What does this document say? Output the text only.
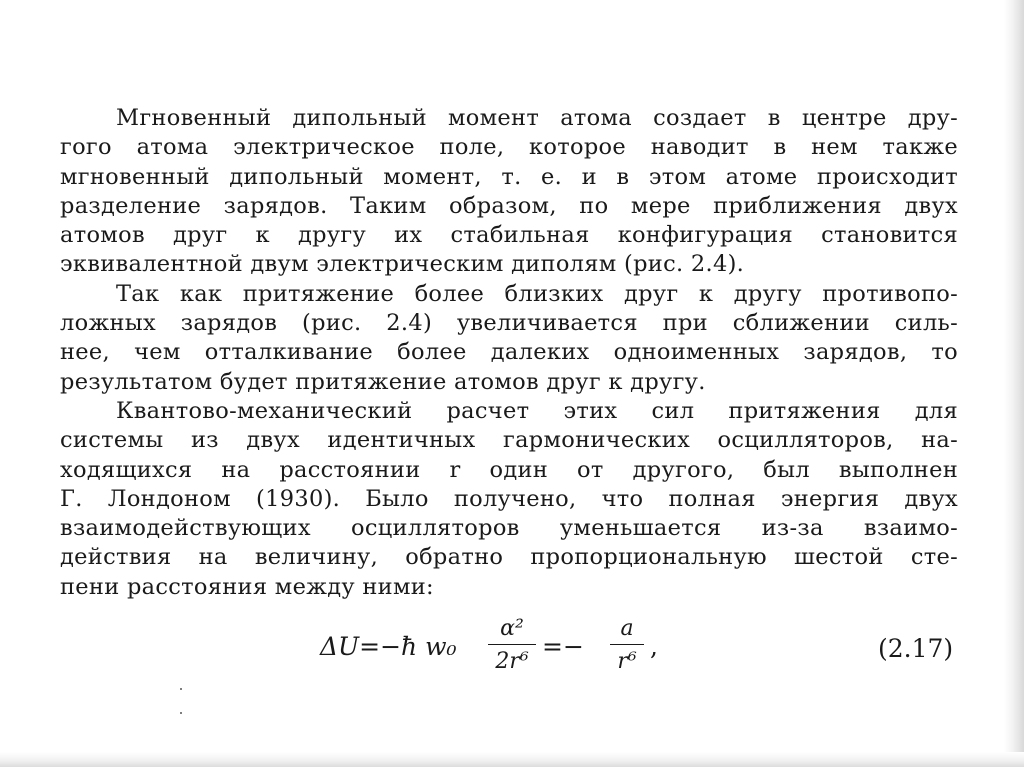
Мгновенный дипольный момент атома создает в центре дру-
гого атома электрическое поле, которое наводит в нем также
мгновенный дипольный момент, т. е. и в этом атоме происходит
разделение зарядов. Таким образом, по мере приближения двух
атомов друг к другу их стабильная конфигурация становится
эквивалентной двум электрическим диполям (рис. 2.4).
Так как притяжение более близких друг к другу противопо-
ложных зарядов (рис. 2.4) увеличивается при сближении силь-
нее, чем отталкивание более далеких одноименных зарядов, то
результатом будет притяжение атомов друг к другу.
Квантово-механический расчет этих сил притяжения для
системы из двух идентичных гармонических осцилляторов, на-
ходящихся на расстоянии r один от другого, был выполнен
Г. Лондоном (1930). Было получено, что полная энергия двух
взаимодействующих осцилляторов уменьшается из-за взаимо-
действия на величину, обратно пропорциональную шестой сте-
пени расстояния между ними:
ΔU=−ħ $w_0 \frac{\text{α²}}{\text{2r⁶}} =- \frac{a}{\text{r⁶}}$ ,	(2.17)
